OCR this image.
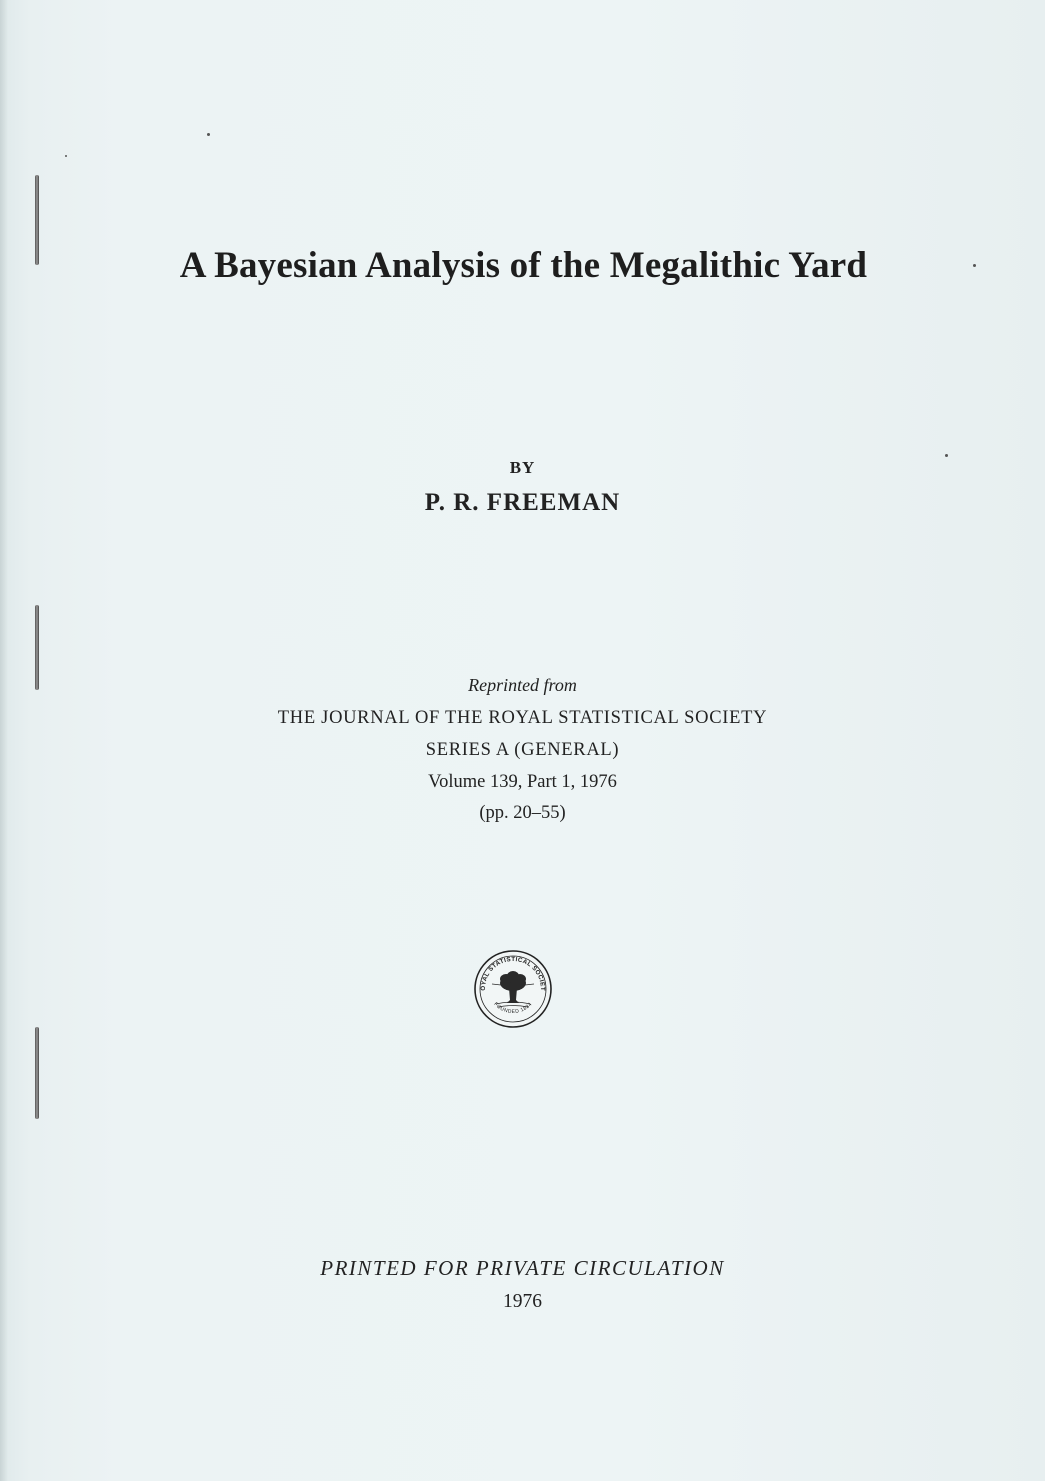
A Bayesian Analysis of the Megalithic Yard
BY
P. R. FREEMAN
Reprinted from
THE JOURNAL OF THE ROYAL STATISTICAL SOCIETY
SERIES A (GENERAL)
Volume 139, Part 1, 1976
(pp. 20–55)
OYAL STATISTICAL SOCIET
FOUNDED 1834
PRINTED FOR PRIVATE CIRCULATION
1976
